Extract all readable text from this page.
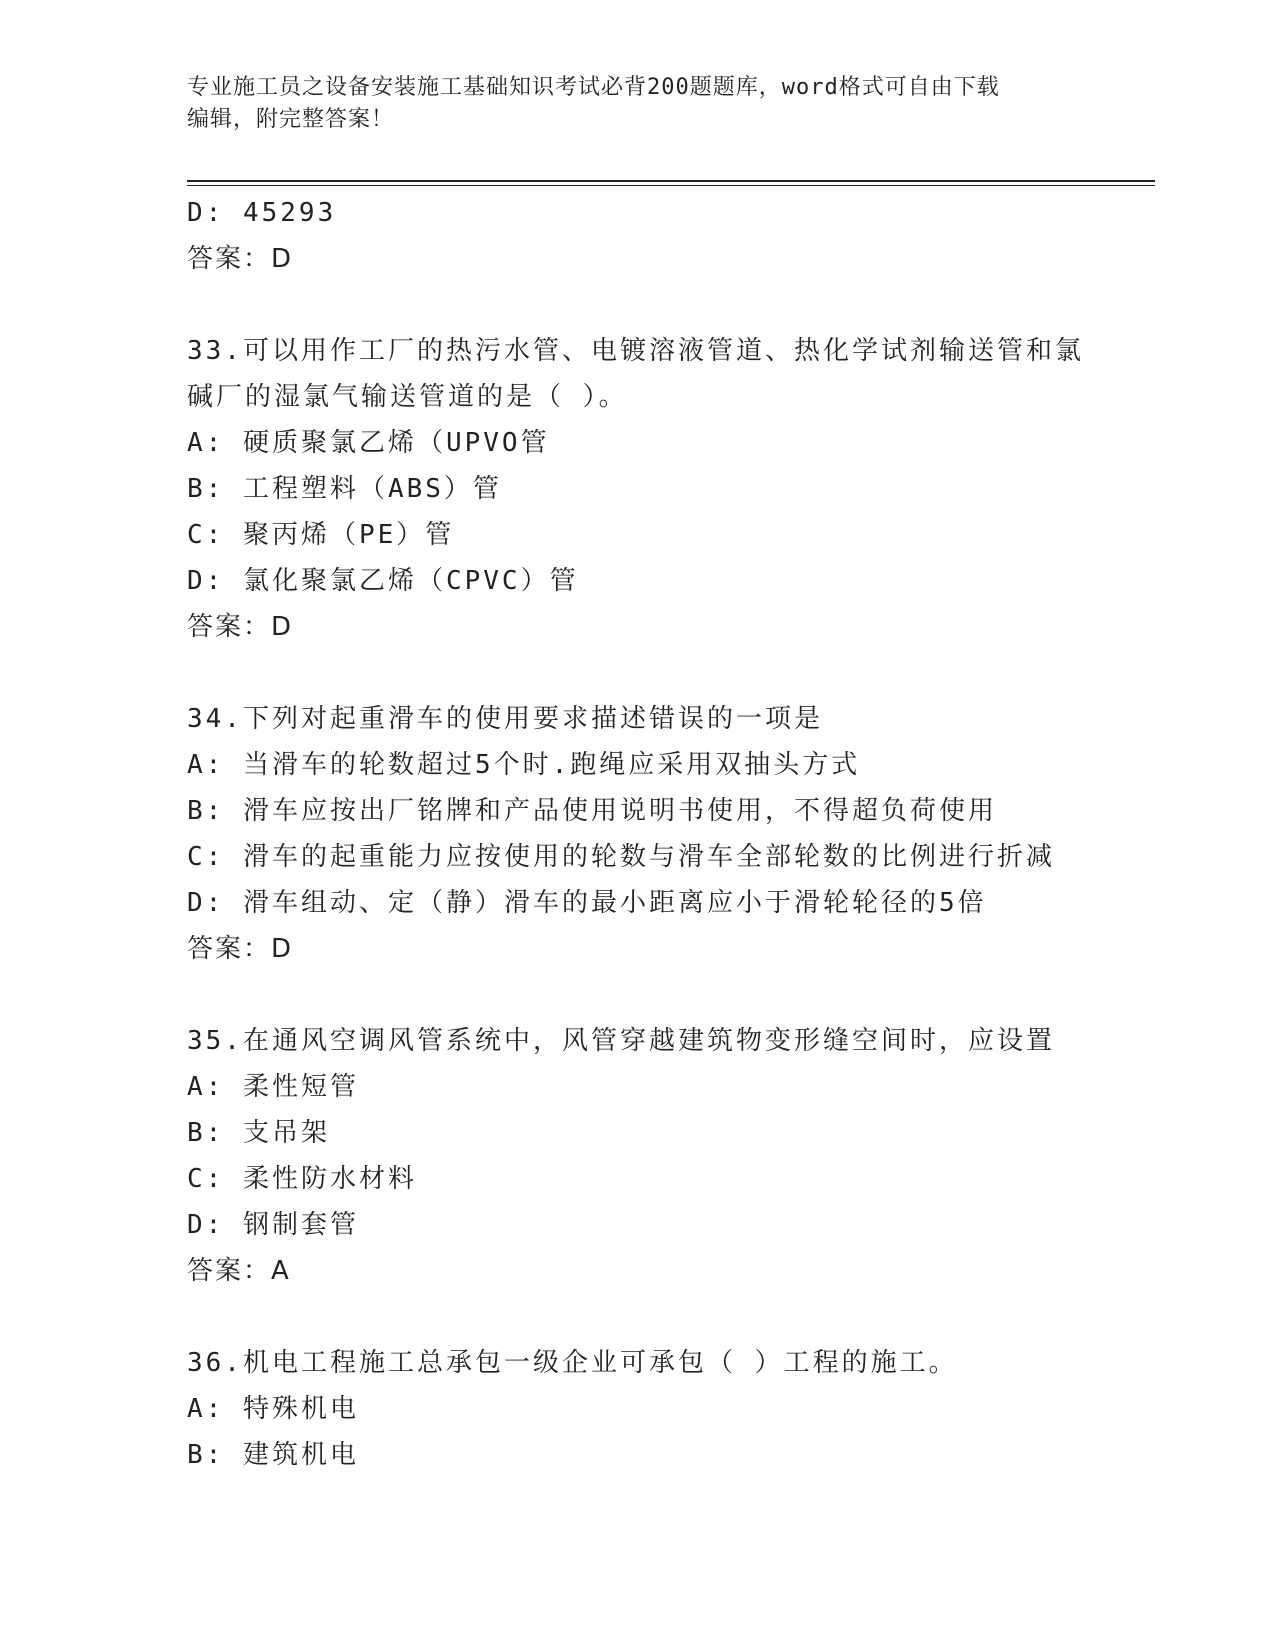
专业施工员之设备安装施工基础知识考试必背200题题库，word格式可自由下载
编辑，附完整答案！
D: 45293
答案：D
33.可以用作工厂的热污水管、电镀溶液管道、热化学试剂输送管和氯
碱厂的湿氯气输送管道的是（ ）。
A: 硬质聚氯乙烯（UPVO管
B: 工程塑料（ABS）管
C: 聚丙烯（PE）管
D: 氯化聚氯乙烯（CPVC）管
答案：D
34.下列对起重滑车的使用要求描述错误的一项是
A: 当滑车的轮数超过5个时.跑绳应采用双抽头方式
B: 滑车应按出厂铭牌和产品使用说明书使用，不得超负荷使用
C: 滑车的起重能力应按使用的轮数与滑车全部轮数的比例进行折减
D: 滑车组动、定（静）滑车的最小距离应小于滑轮轮径的5倍
答案：D
35.在通风空调风管系统中，风管穿越建筑物变形缝空间时，应设置
A: 柔性短管
B: 支吊架
C: 柔性防水材料
D: 钢制套管
答案：A
36.机电工程施工总承包一级企业可承包（ ）工程的施工。
A: 特殊机电
B: 建筑机电
